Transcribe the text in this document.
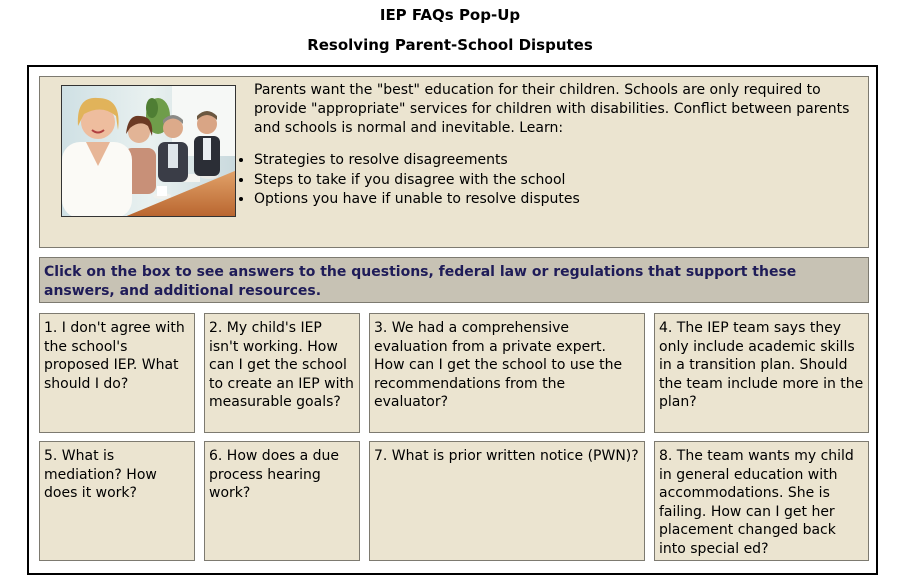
IEP FAQs Pop-Up
Resolving Parent-School Disputes

Parents want the "best" education for their children. Schools are only required to provide "appropriate" services for children with disabilities. Conflict between parents and schools is normal and inevitable. Learn:

• Strategies to resolve disagreements
• Steps to take if you disagree with the school
• Options you have if unable to resolve disputes
Click on the box to see answers to the questions, federal law or regulations that support these answers, and additional resources.
1. I don't agree with the school's proposed IEP. What should I do?
2. My child's IEP isn't working. How can I get the school to create an IEP with measurable goals?
3. We had a comprehensive evaluation from a private expert. How can I get the school to use the recommendations from the evaluator?
4. The IEP team says they only include academic skills in a transition plan. Should the team include more in the plan?
5. What is mediation? How does it work?
6. How does a due process hearing work?
7. What is prior written notice (PWN)?	8. The team wants my child in general education with accommodations. She is failing. How can I get her placement changed back into special ed?
